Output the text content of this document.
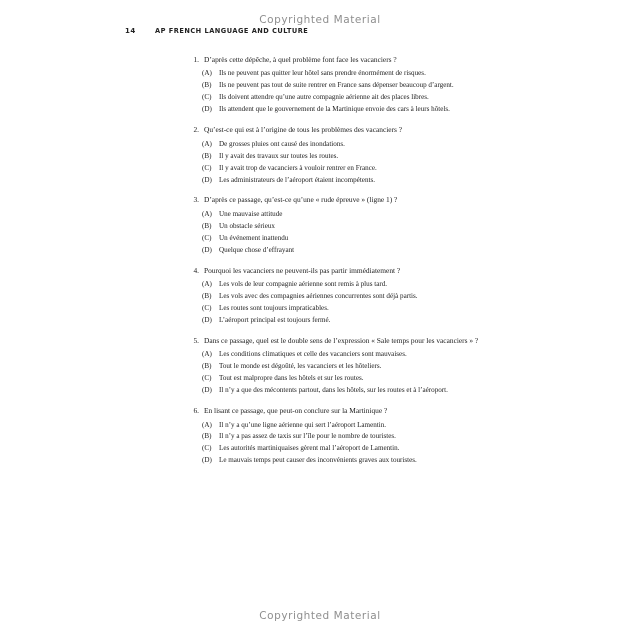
Copyrighted Material
14	AP FRENCH LANGUAGE AND CULTURE
1. D’après cette dépêche, à quel problème font face les vacanciers ?
(A)	Ils ne peuvent pas quitter leur hôtel sans prendre énormément de risques.
(B)	Ils ne peuvent pas tout de suite rentrer en France sans dépenser beaucoup d’argent.
(C)	Ils doivent attendre qu’une autre compagnie aérienne ait des places libres.
(D)	Ils attendent que le gouvernement de la Martinique envoie des cars à leurs hôtels.
2. Qu’est-ce qui est à l’origine de tous les problèmes des vacanciers ?
(A)	De grosses pluies ont causé des inondations.
(B)	Il y avait des travaux sur toutes les routes.
(C)	Il y avait trop de vacanciers à vouloir rentrer en France.
(D)	Les administrateurs de l’aéroport étaient incompétents.
3. D’après ce passage, qu’est-ce qu’une « rude épreuve » (ligne 1) ?
(A)	Une mauvaise attitude
(B)	Un obstacle sérieux
(C)	Un événement inattendu
(D)	Quelque chose d’effrayant
4. Pourquoi les vacanciers ne peuvent-ils pas partir immédiatement ?
(A)	Les vols de leur compagnie aérienne sont remis à plus tard.
(B)	Les vols avec des compagnies aériennes concurrentes sont déjà partis.
(C)	Les routes sont toujours impraticables.
(D)	L’aéroport principal est toujours fermé.
5. Dans ce passage, quel est le double sens de l’expression « Sale temps pour les vacanciers » ?
(A)	Les conditions climatiques et celle des vacanciers sont mauvaises.
(B)	Tout le monde est dégoûté, les vacanciers et les hôteliers.
(C)	Tout est malpropre dans les hôtels et sur les routes.
(D)	Il n’y a que des mécontents partout, dans les hôtels, sur les routes et à l’aéroport.
6. En lisant ce passage, que peut-on conclure sur la Martinique ?
(A)	Il n’y a qu’une ligne aérienne qui sert l’aéroport Lamentin.
(B)	Il n’y a pas assez de taxis sur l’île pour le nombre de touristes.
(C)	Les autorités martiniquaises gèrent mal l’aéroport de Lamentin.
(D)	Le mauvais temps peut causer des inconvénients graves aux touristes.
Copyrighted Material
